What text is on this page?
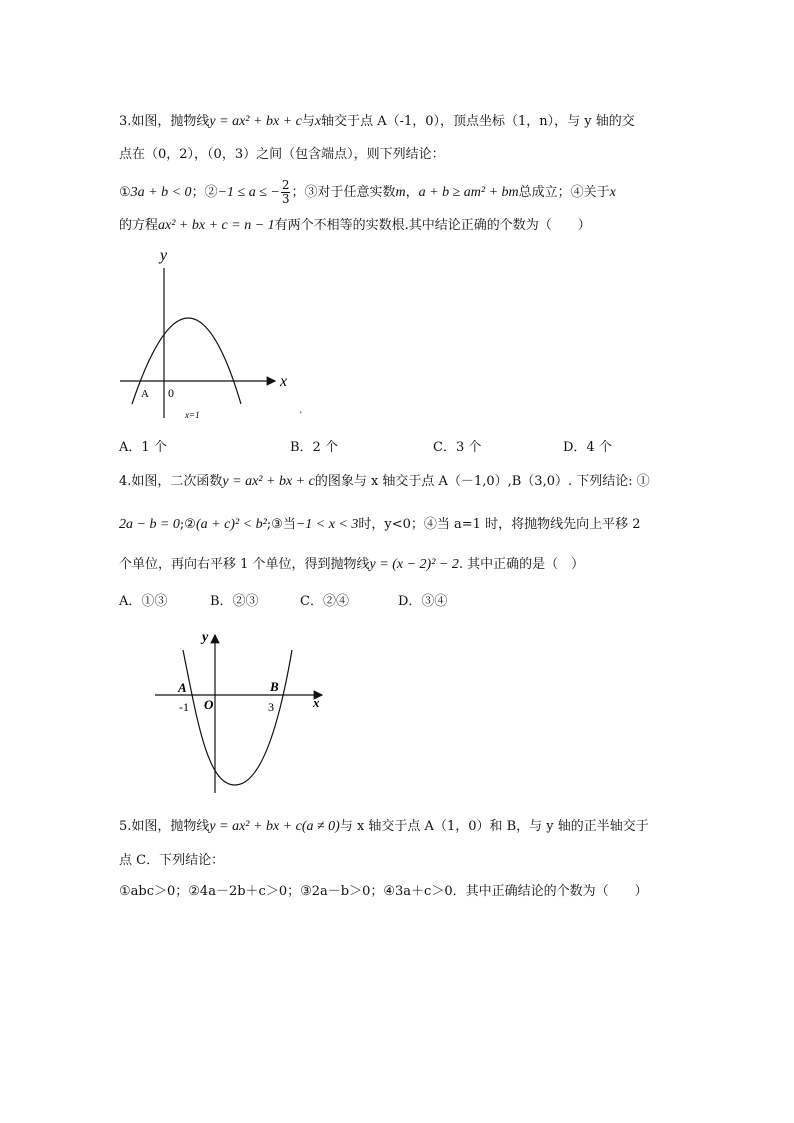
3.如图，抛物线y = ax² + bx + c与x轴交于点 A（-1，0），顶点坐标（1，n），与 y 轴的交
点在（0，2），（0，3）之间（包含端点），则下列结论：
①3a + b < 0；②−1 ≤ a ≤ − $\frac{2}{3}$ ；③对于任意实数m，a + b ≥ am² + bm总成立；④关于x
的方程ax² + bx + c = n − 1有两个不相等的实数根.其中结论正确的个数为（　　）
y
x
A 0
x=1	'
A．1 个	B．2 个	C．3 个	D．4 个
4.如图，二次函数y = ax² + bx + c的图象与 x 轴交于点 A（－1,0）,B（3,0）. 下列结论: ①
2a − b = 0;②(a + c)² < b²;③当−1 < x < 3时，y<0；④当 a=1 时，将抛物线先向上平移 2
个单位，再向右平移 1 个单位，得到抛物线y = (x − 2)² − 2. 其中正确的是（　）
A．①③	B．②③	C．②④	D．③④
y
x
A	B
O
-1	3
5.如图，抛物线y = ax² + bx + c(a ≠ 0)与 x 轴交于点 A（1，0）和 B，与 y 轴的正半轴交于
点 C．下列结论：
①abc＞0；②4a－2b＋c＞0；③2a－b＞0；④3a＋c＞0．其中正确结论的个数为（　　）
